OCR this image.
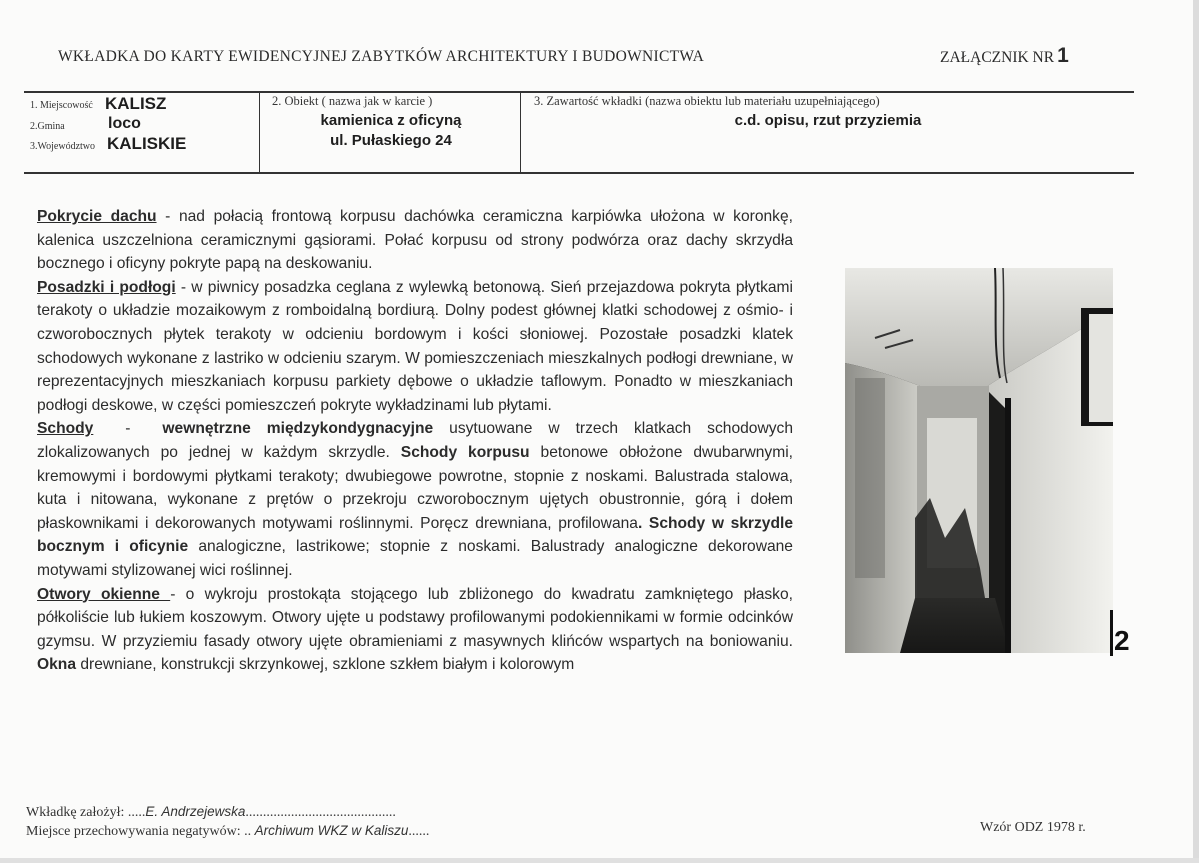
WKŁADKA DO KARTY EWIDENCYJNEJ ZABYTKÓW ARCHITEKTURY I BUDOWNICTWA	ZAŁĄCZNIK NR 1
1. Miejscowość KALISZ
2.Gmina	loco
3.Województwo KALISKIE
2. Obiekt ( nazwa jak w karcie )
kamienica z oficyną
ul. Pułaskiego 24
3. Zawartość wkładki (nazwa obiektu lub materiału uzupełniającego)
c.d. opisu, rzut przyziemia

Pokrycie dachu - nad połacią frontową korpusu dachówka ceramiczna karpiówka ułożona w koronkę, kalenica uszczelniona ceramicznymi gąsiorami. Połać korpusu od strony podwórza oraz dachy skrzydła bocznego i oficyny pokryte papą na deskowaniu.

Posadzki i podłogi - w piwnicy posadzka ceglana z wylewką betonową. Sień przejazdowa pokryta płytkami terakoty o układzie mozaikowym z romboidalną bordiurą. Dolny podest głównej klatki schodowej z ośmio- i czworobocznych płytek terakoty w odcieniu bordowym i kości słoniowej. Pozostałe posadzki klatek schodowych wykonane z lastriko w odcieniu szarym. W pomieszczeniach mieszkalnych podłogi drewniane, w reprezentacyjnych mieszkaniach korpusu parkiety dębowe o układzie taflowym. Ponadto w mieszkaniach podłogi deskowe, w części pomieszczeń pokryte wykładzinami lub płytami.

Schody  -  wewnętrzne międzykondygnacyjne usytuowane w trzech klatkach schodowych zlokalizowanych po jednej w każdym skrzydle. Schody korpusu betonowe obłożone dwubarwnymi, kremowymi i bordowymi płytkami terakoty; dwubiegowe powrotne, stopnie z noskami. Balustrada stalowa, kuta i nitowana, wykonane z prętów o przekroju czworobocznym ujętych obustronnie, górą i dołem płaskownikami i dekorowanych motywami roślinnymi. Poręcz drewniana, profilowana. Schody w skrzydle bocznym i oficynie analogiczne, lastrikowe; stopnie z noskami. Balustrady analogiczne dekorowane motywami stylizowanej wici roślinnej.

Otwory okienne - o wykroju prostokąta stojącego lub zbliżonego do kwadratu zamkniętego płasko, półkoliście lub łukiem koszowym. Otwory ujęte u podstawy profilowanymi podokiennikami w formie odcinków gzymsu. W przyziemiu fasady otwory ujęte obramieniami z masywnych klińców wspartych na boniowaniu. Okna drewniane, konstrukcji skrzynkowej, szklone szkłem białym i kolorowym

2
Wkładkę założył: .....E. Andrzejewska...........................................
Miejsce przechowywania negatywów: .. Archiwum WKZ w Kaliszu......	Wzór ODZ 1978 r.
